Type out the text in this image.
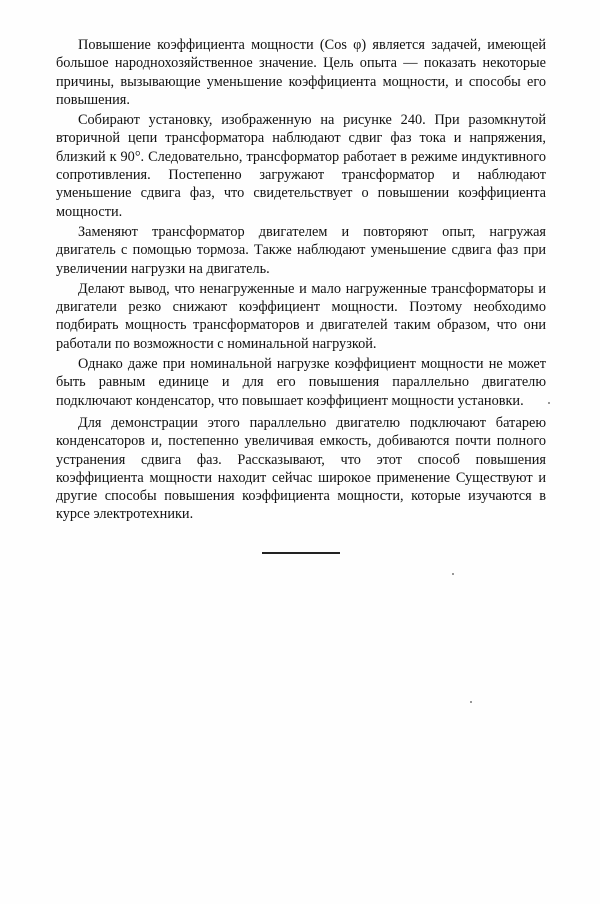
Повышение коэффициента мощности (Cos φ) является задачей, имеющей большое народнохозяйственное значение. Цель опыта — показать некоторые причины, вызывающие уменьшение коэффициента мощности, и способы его повышения.

Собирают установку, изображенную на рисунке 240. При разомкнутой вторичной цепи трансформатора наблюдают сдвиг фаз тока и напряжения, близкий к 90°. Следовательно, трансформатор работает в режиме индуктивного сопротивления. Постепенно загружают трансформатор и наблюдают уменьшение сдвига фаз, что свидетельствует о повышении коэффициента мощности.

Заменяют трансформатор двигателем и повторяют опыт, нагружая двигатель с помощью тормоза. Также наблюдают уменьшение сдвига фаз при увеличении нагрузки на двигатель.

Делают вывод, что ненагруженные и мало нагруженные трансформаторы и двигатели резко снижают коэффициент мощности. Поэтому необходимо подбирать мощность трансформаторов и двигателей таким образом, что они работали по возможности с номинальной нагрузкой.

Однако даже при номинальной нагрузке коэффициент мощности не может быть равным единице и для его повышения параллельно двигателю подключают конденсатор, что повышает коэффициент мощности установки.

Для демонстрации этого параллельно двигателю подключают батарею конденсаторов и, постепенно увеличивая емкость, добиваются почти полного устранения сдвига фаз. Рассказывают, что этот способ повышения коэффициента мощности находит сейчас широкое применение Существуют и другие способы повышения коэффициента мощности, которые изучаются в курсе электротехники.
